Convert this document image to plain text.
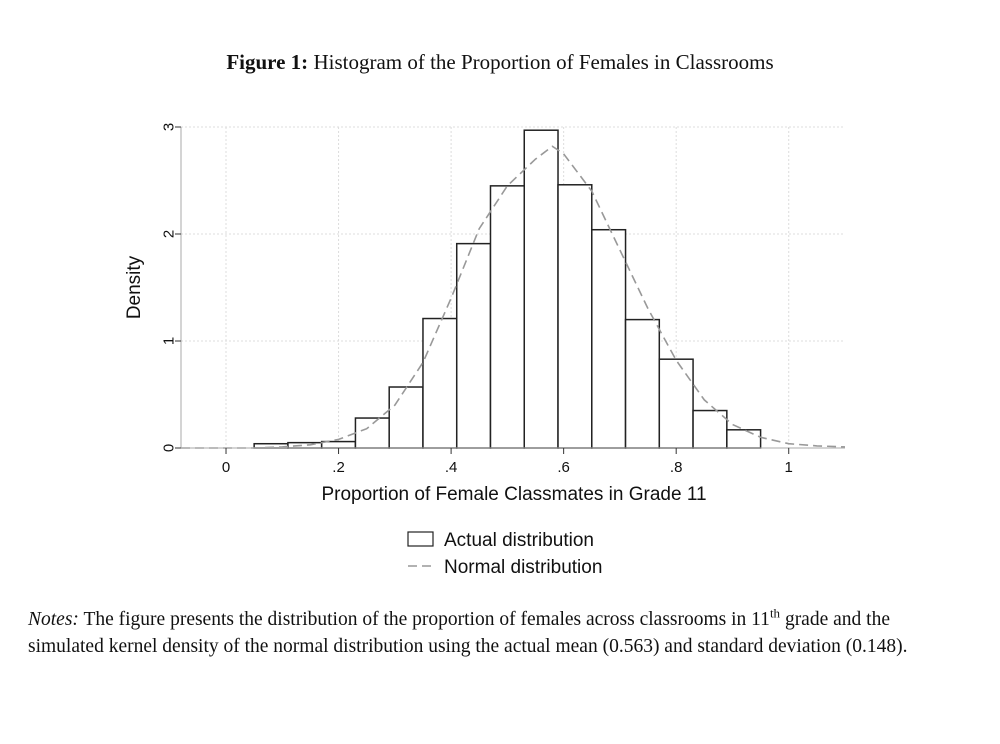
Figure 1: Histogram of the Proportion of Females in Classrooms
0
1
2
3
0	.2	.4	.6	.8	1
Density
Proportion of Female Classmates in Grade 11
Actual distribution
Normal distribution
Notes: The figure presents the distribution of the proportion of females across classrooms in 11th grade and the simulated kernel density of the normal distribution using the actual mean (0.563) and standard deviation (0.148).
